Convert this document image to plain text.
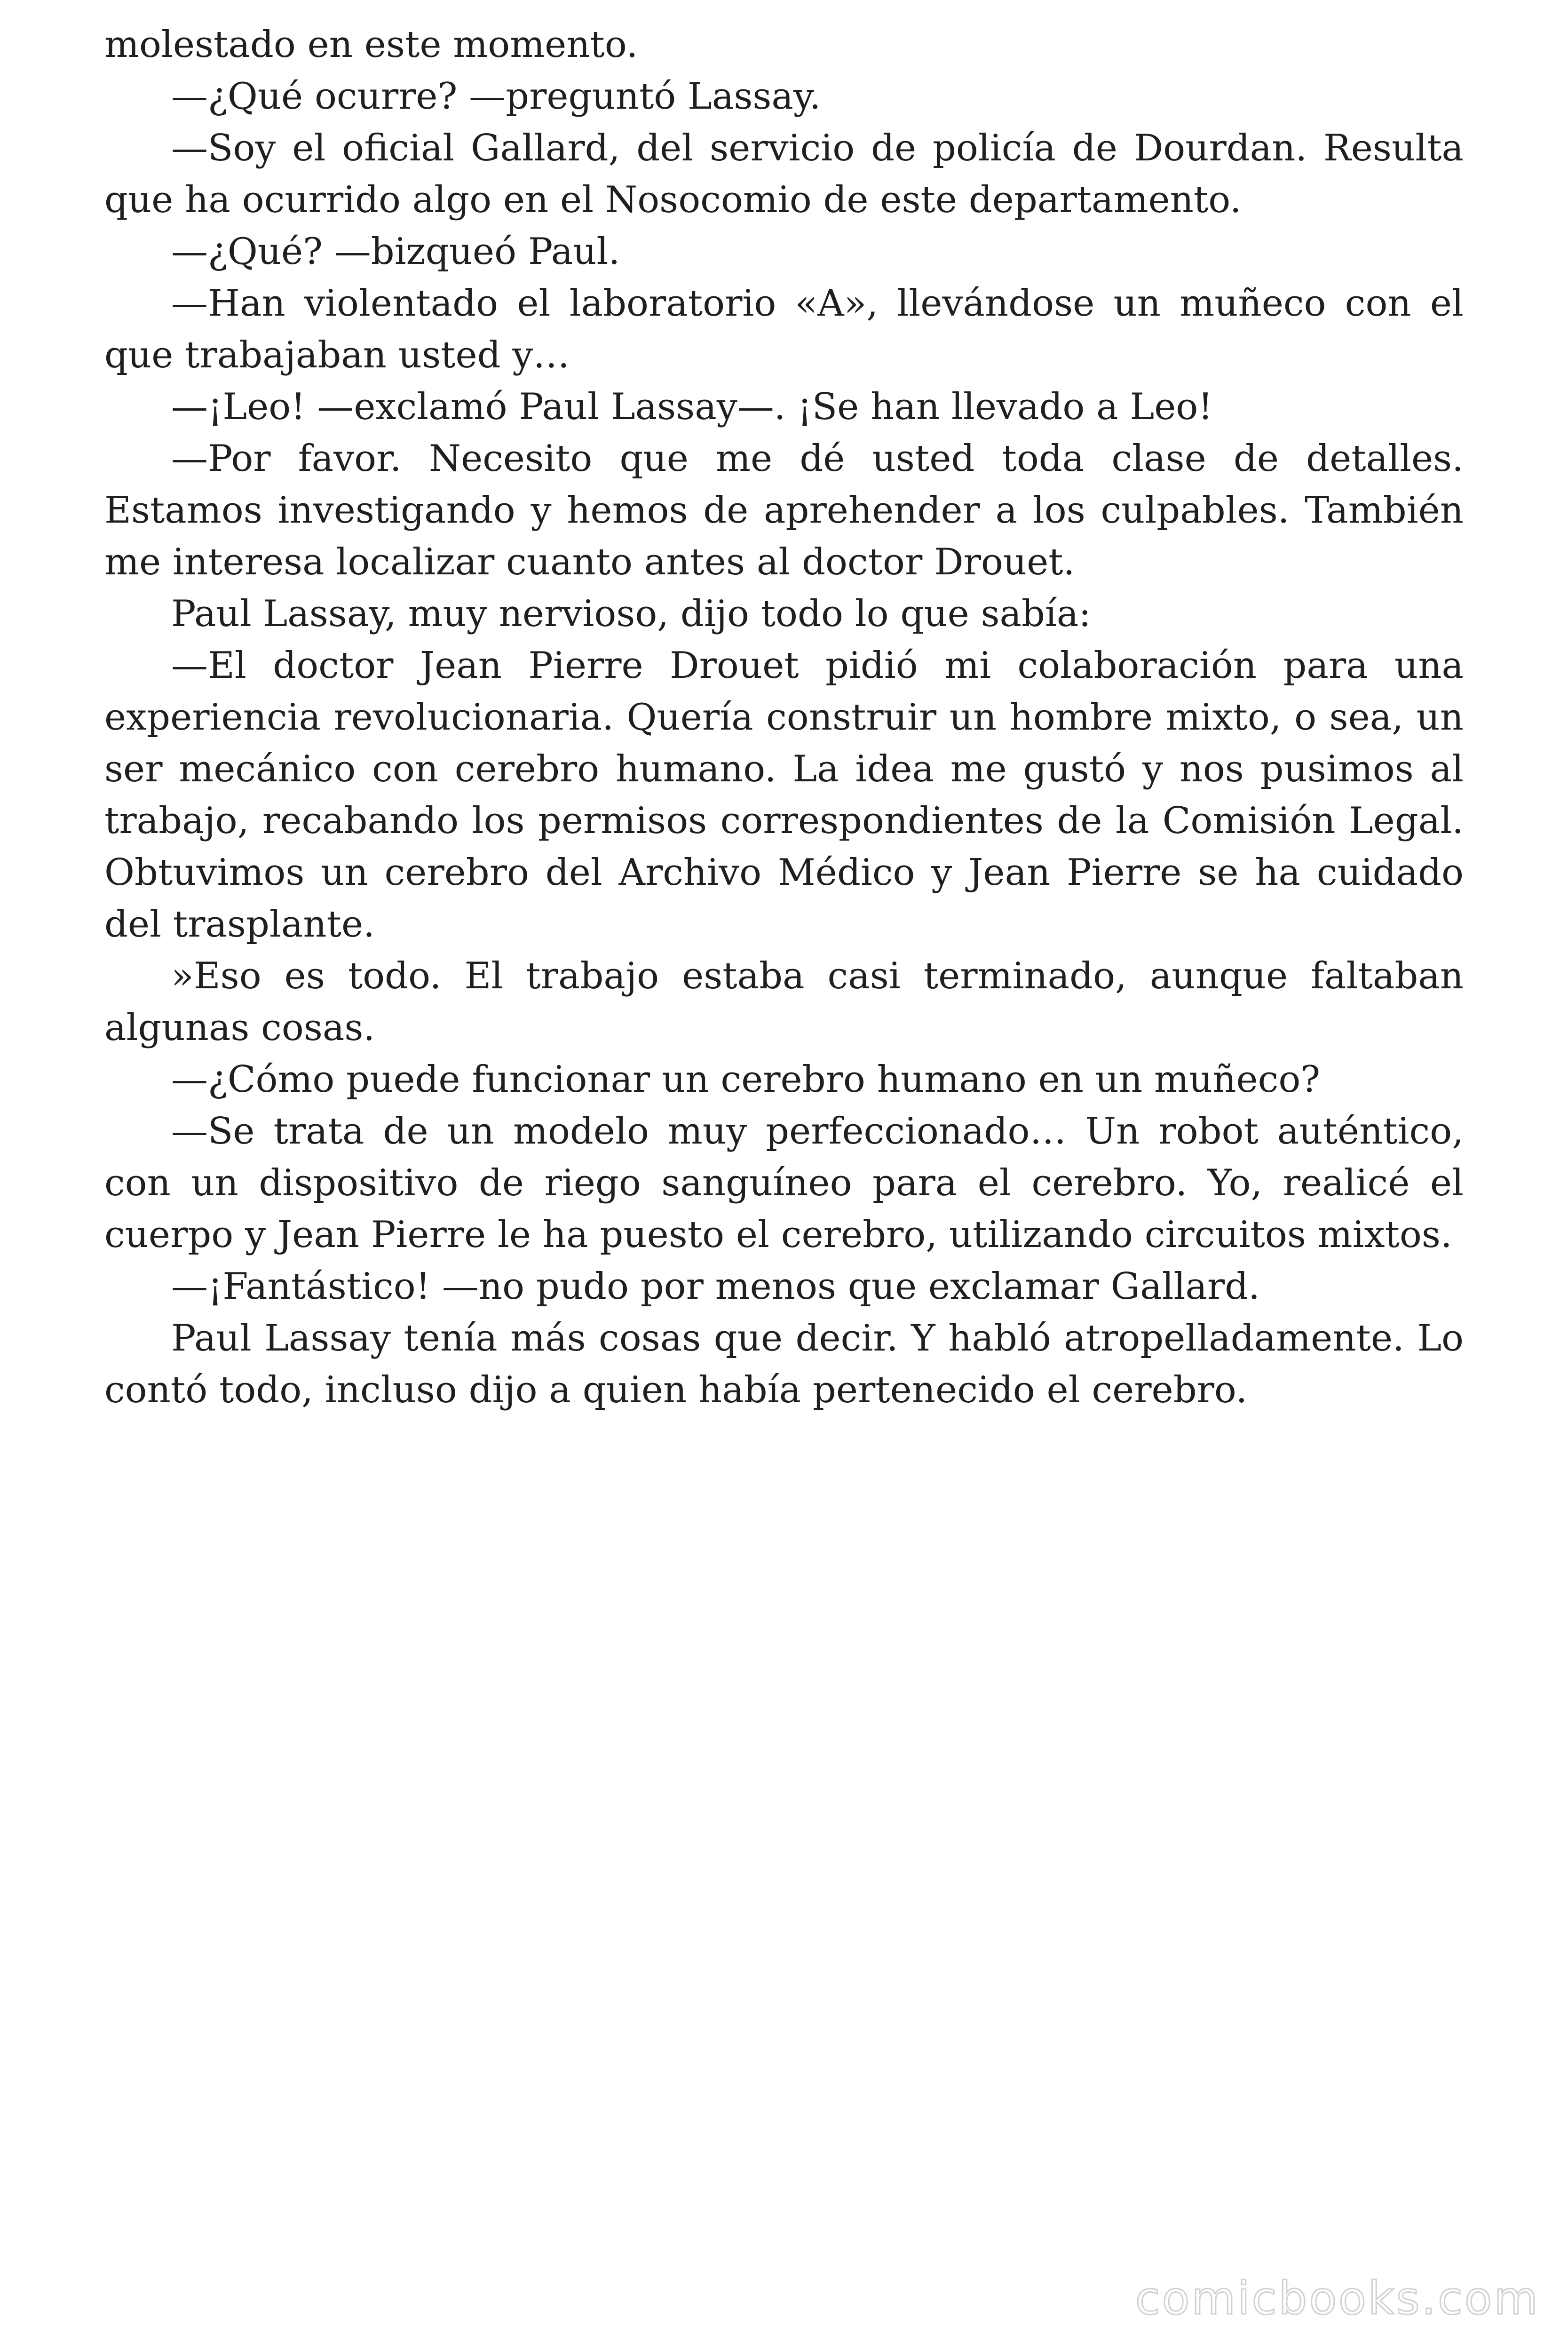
molestado en este momento.

—¿Qué ocurre? —preguntó Lassay.

—Soy el oficial Gallard, del servicio de policía de Dourdan. Resulta que ha ocurrido algo en el Nosocomio de este departamento.

—¿Qué? —bizqueó Paul.

—Han violentado el laboratorio «A», llevándose un muñeco con el que trabajaban usted y…

—¡Leo! —exclamó Paul Lassay—. ¡Se han llevado a Leo!

—Por favor. Necesito que me dé usted toda clase de detalles. Estamos investigando y hemos de aprehender a los culpables. También me interesa localizar cuanto antes al doctor Drouet.

Paul Lassay, muy nervioso, dijo todo lo que sabía:

—El doctor Jean Pierre Drouet pidió mi colaboración para una experiencia revolucionaria. Quería construir un hombre mixto, o sea, un ser mecánico con cerebro humano. La idea me gustó y nos pusimos al trabajo, recabando los permisos correspondientes de la Comisión Legal. Obtuvimos un cerebro del Archivo Médico y Jean Pierre se ha cuidado del trasplante.

»Eso es todo. El trabajo estaba casi terminado, aunque faltaban algunas cosas.

—¿Cómo puede funcionar un cerebro humano en un muñeco?

—Se trata de un modelo muy perfeccionado… Un robot auténtico, con un dispositivo de riego sanguíneo para el cerebro. Yo, realicé el cuerpo y Jean Pierre le ha puesto el cerebro, utilizando circuitos mixtos.

—¡Fantástico! —no pudo por menos que exclamar Gallard.

Paul Lassay tenía más cosas que decir. Y habló atropelladamente. Lo contó todo, incluso dijo a quien había pertenecido el cerebro.

comicbooks.com
